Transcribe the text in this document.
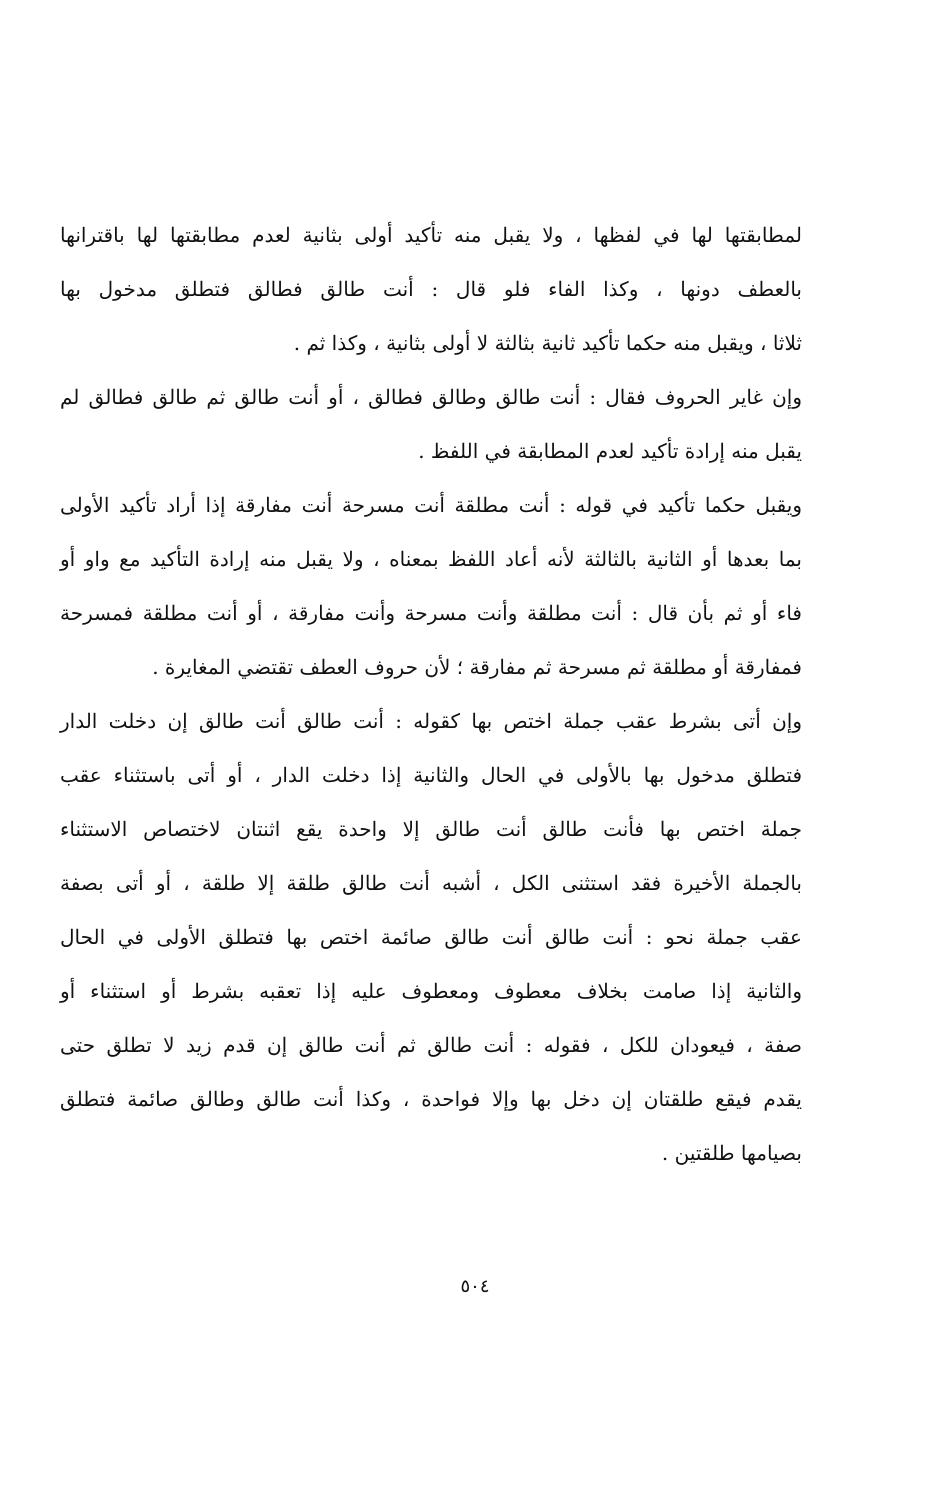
لمطابقتها لها في لفظها ، ولا يقبل منه تأكيد أولى بثانية لعدم مطابقتها لها باقترانها
بالعطف دونها ، وكذا الفاء فلو قال : أنت طالق فطالق فتطلق مدخول بها
ثلاثا ، ويقبل منه حكما تأكيد ثانية بثالثة لا أولى بثانية ، وكذا ثم .
وإن غاير الحروف فقال : أنت طالق وطالق فطالق ، أو أنت طالق ثم طالق فطالق لم
يقبل منه إرادة تأكيد لعدم المطابقة في اللفظ .
ويقبل حكما تأكيد في قوله : أنت مطلقة أنت مسرحة أنت مفارقة إذا أراد تأكيد الأولى
بما بعدها أو الثانية بالثالثة لأنه أعاد اللفظ بمعناه ، ولا يقبل منه إرادة التأكيد مع واو أو
فاء أو ثم بأن قال : أنت مطلقة وأنت مسرحة وأنت مفارقة ، أو أنت مطلقة فمسرحة
فمفارقة أو مطلقة ثم مسرحة ثم مفارقة ؛ لأن حروف العطف تقتضي المغايرة .
وإن أتى بشرط عقب جملة اختص بها كقوله : أنت طالق أنت طالق إن دخلت الدار
فتطلق مدخول بها بالأولى في الحال والثانية إذا دخلت الدار ، أو أتى باستثناء عقب
جملة اختص بها فأنت طالق أنت طالق إلا واحدة يقع اثنتان لاختصاص الاستثناء
بالجملة الأخيرة فقد استثنى الكل ، أشبه أنت طالق طلقة إلا طلقة ، أو أتى بصفة
عقب جملة نحو : أنت طالق أنت طالق صائمة اختص بها فتطلق الأولى في الحال
والثانية إذا صامت بخلاف معطوف ومعطوف عليه إذا تعقبه بشرط أو استثناء أو
صفة ، فيعودان للكل ، فقوله : أنت طالق ثم أنت طالق إن قدم زيد لا تطلق حتى
يقدم فيقع طلقتان إن دخل بها وإلا فواحدة ، وكذا أنت طالق وطالق صائمة فتطلق
بصيامها طلقتين .
٥٠٤
